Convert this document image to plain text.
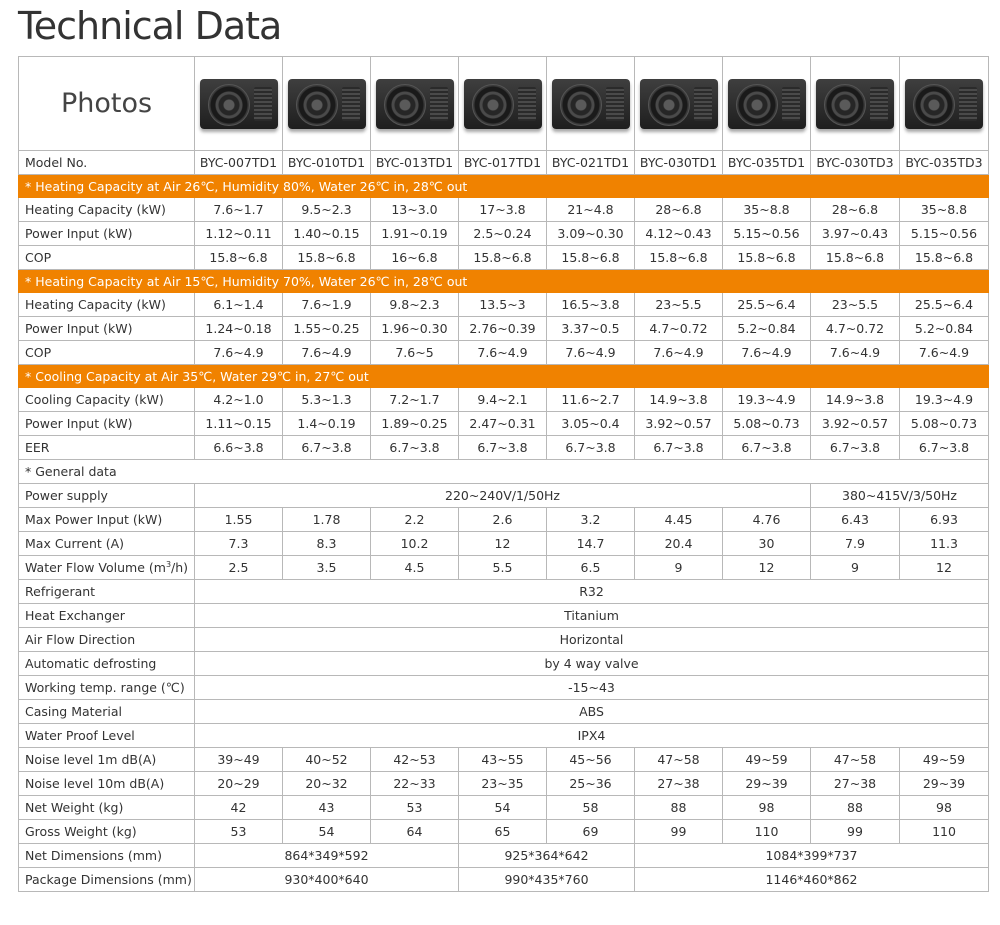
Technical Data
Photos	

Model No.	BYC-007TD1	BYC-010TD1	BYC-013TD1	BYC-017TD1	BYC-021TD1	BYC-030TD1	BYC-035TD1	BYC-030TD3	BYC-035TD3
* Heating Capacity at Air 26℃, Humidity 80%, Water 26℃ in, 28℃ out									
Heating Capacity (kW)	7.6~1.7	9.5~2.3	13~3.0	17~3.8	21~4.8	28~6.8	35~8.8	28~6.8	35~8.8
Power Input (kW)	1.12~0.11	1.40~0.15	1.91~0.19	2.5~0.24	3.09~0.30	4.12~0.43	5.15~0.56	3.97~0.43	5.15~0.56
COP	15.8~6.8	15.8~6.8	16~6.8	15.8~6.8	15.8~6.8	15.8~6.8	15.8~6.8	15.8~6.8	15.8~6.8
* Heating Capacity at Air 15℃, Humidity 70%, Water 26℃ in, 28℃ out									
Heating Capacity (kW)	6.1~1.4	7.6~1.9	9.8~2.3	13.5~3	16.5~3.8	23~5.5	25.5~6.4	23~5.5	25.5~6.4
Power Input (kW)	1.24~0.18	1.55~0.25	1.96~0.30	2.76~0.39	3.37~0.5	4.7~0.72	5.2~0.84	4.7~0.72	5.2~0.84
COP	7.6~4.9	7.6~4.9	7.6~5	7.6~4.9	7.6~4.9	7.6~4.9	7.6~4.9	7.6~4.9	7.6~4.9
* Cooling Capacity at Air 35℃, Water 29℃ in, 27℃ out									
Cooling Capacity (kW)	4.2~1.0	5.3~1.3	7.2~1.7	9.4~2.1	11.6~2.7	14.9~3.8	19.3~4.9	14.9~3.8	19.3~4.9
Power Input (kW)	1.11~0.15	1.4~0.19	1.89~0.25	2.47~0.31	3.05~0.4	3.92~0.57	5.08~0.73	3.92~0.57	5.08~0.73
EER	6.6~3.8	6.7~3.8	6.7~3.8	6.7~3.8	6.7~3.8	6.7~3.8	6.7~3.8	6.7~3.8	6.7~3.8
* General data									
Power supply	220~240V/1/50Hz							380~415V/3/50Hz	
Max Power Input (kW)	1.55	1.78	2.2	2.6	3.2	4.45	4.76	6.43	6.93
Max Current (A)	7.3	8.3	10.2	12	14.7	20.4	30	7.9	11.3
Water Flow Volume $(m^3/h)$	2.5	3.5	4.5	5.5	6.5	9	12	9	12
Refrigerant	R32								
Heat Exchanger	Titanium								
Air Flow Direction	Horizontal								
Automatic defrosting	by 4 way valve								
Working temp. range (℃)	-15~43								
Casing Material	ABS								
Water Proof Level	IPX4								
Noise level 1m dB(A)	39~49	40~52	42~53	43~55	45~56	47~58	49~59	47~58	49~59
Noise level 10m dB(A)	20~29	20~32	22~33	23~35	25~36	27~38	29~39	27~38	29~39
Net Weight (kg)	42	43	53	54	58	88	98	88	98
Gross Weight (kg)	53	54	64	65	69	99	110	99	110
Net Dimensions (mm)	864*349*592			925*364*642		1084*399*737			
Package Dimensions (mm)	930*400*640			990*435*760		1146*460*862			
